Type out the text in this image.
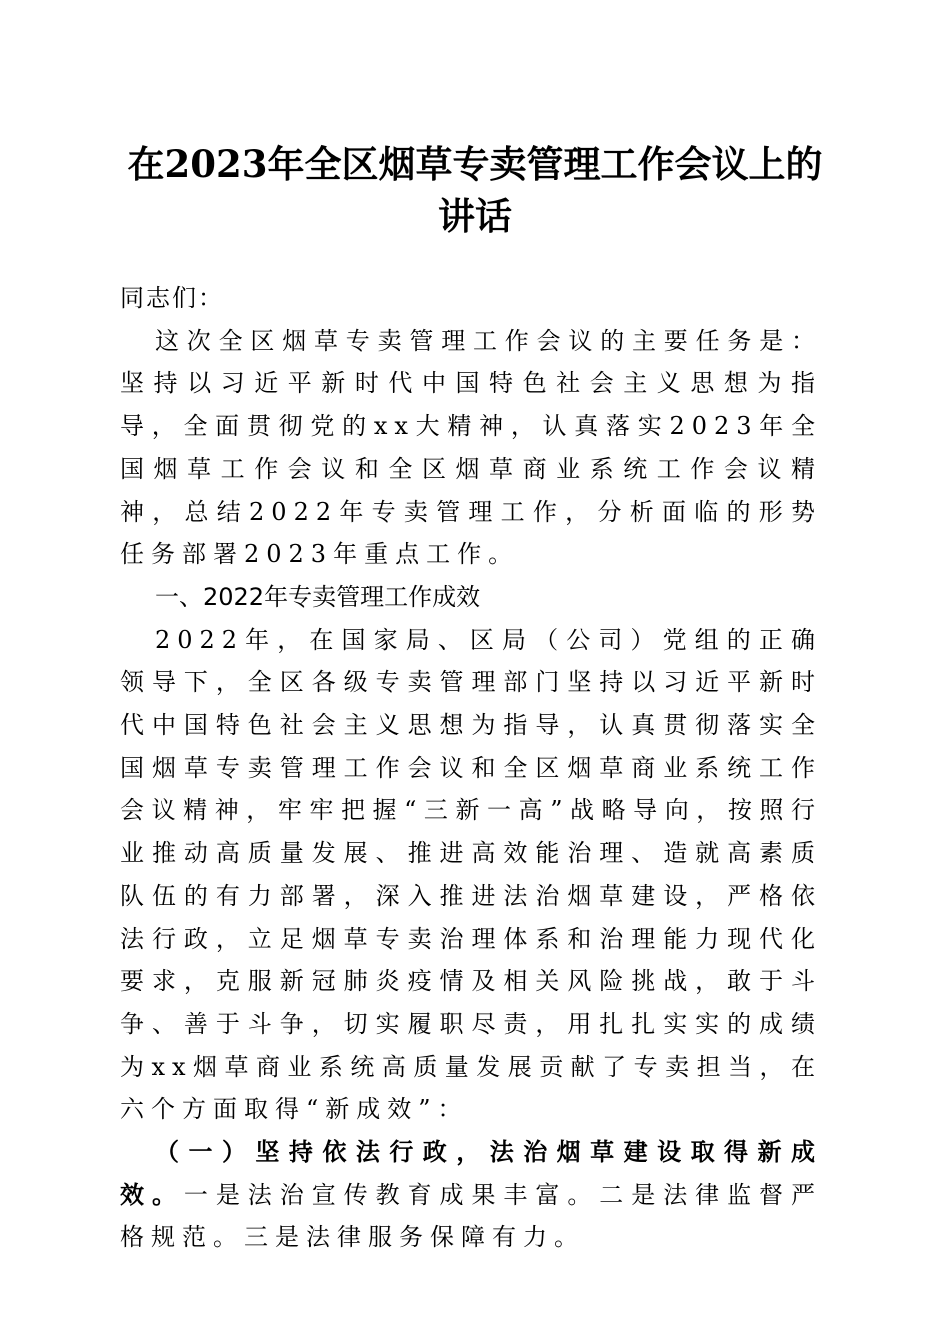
在2023年全区烟草专卖管理工作会议上的讲话

同志们：

这次全区烟草专卖管理工作会议的主要任务是：坚持以习近平新时代中国特色社会主义思想为指导，全面贯彻党的xx大精神，认真落实2023年全国烟草工作会议和全区烟草商业系统工作会议精神，总结2022年专卖管理工作，分析面临的形势任务部署2023年重点工作。

一、2022年专卖管理工作成效

2022年，在国家局、区局（公司）党组的正确领导下，全区各级专卖管理部门坚持以习近平新时代中国特色社会主义思想为指导，认真贯彻落实全国烟草专卖管理工作会议和全区烟草商业系统工作会议精神，牢牢把握“三新一高”战略导向，按照行业推动高质量发展、推进高效能治理、造就高素质队伍的有力部署，深入推进法治烟草建设，严格依法行政，立足烟草专卖治理体系和治理能力现代化要求，克服新冠肺炎疫情及相关风险挑战，敢于斗争、善于斗争，切实履职尽责，用扎扎实实的成绩为xx烟草商业系统高质量发展贡献了专卖担当，在六个方面取得“新成效”：

（一）坚持依法行政，法治烟草建设取得新成效。一是法治宣传教育成果丰富。二是法律监督严格规范。三是法律服务保障有力。
